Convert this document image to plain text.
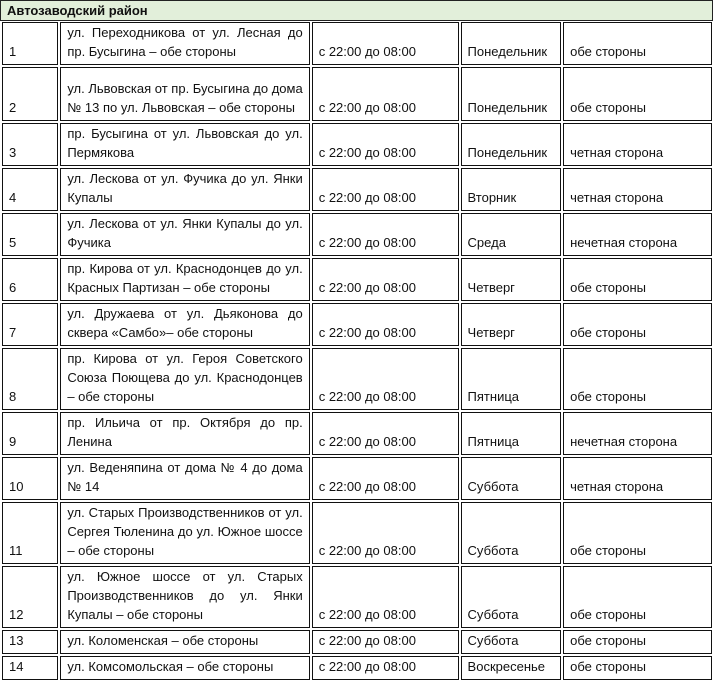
Автозаводский район
1	ул. Переходникова от ул. Лесная до пр. Бусыгина – обе стороны	с 22:00 до 08:00	Понедельник	обе стороны
2	ул. Львовская от пр. Бусыгина до дома № 13 по ул. Львовская – обе стороны	с 22:00 до 08:00	Понедельник	обе стороны
3	пр. Бусыгина от ул. Львовская до ул. Пермякова	с 22:00 до 08:00	Понедельник	четная сторона
4	ул. Лескова от ул. Фучика до ул. Янки Купалы	с 22:00 до 08:00	Вторник	четная сторона
5	ул. Лескова от ул. Янки Купалы до ул. Фучика	с 22:00 до 08:00	Среда	нечетная сторона
6	пр. Кирова от ул. Краснодонцев до ул. Красных Партизан – обе стороны	с 22:00 до 08:00	Четверг	обе стороны
7	ул. Дружаева от ул. Дьяконова до сквера «Самбо»– обе стороны	с 22:00 до 08:00	Четверг	обе стороны
8	пр. Кирова от ул. Героя Советского Союза Поющева до ул. Краснодонцев – обе стороны	с 22:00 до 08:00	Пятница	обе стороны
9	пр. Ильича от пр. Октября до пр. Ленина	с 22:00 до 08:00	Пятница	нечетная сторона
10	ул. Веденяпина от дома № 4 до дома № 14	с 22:00 до 08:00	Суббота	четная сторона
11	ул. Старых Производственников от ул. Сергея Тюленина до ул. Южное шоссе – обе стороны	с 22:00 до 08:00	Суббота	обе стороны
12	ул. Южное шоссе от ул. Старых Производственников до ул. Янки Купалы – обе стороны	с 22:00 до 08:00	Суббота	обе стороны
13	ул. Коломенская – обе стороны	с 22:00 до 08:00	Суббота	обе стороны
14	ул. Комсомольская – обе стороны	с 22:00 до 08:00	Воскресенье	обе стороны
